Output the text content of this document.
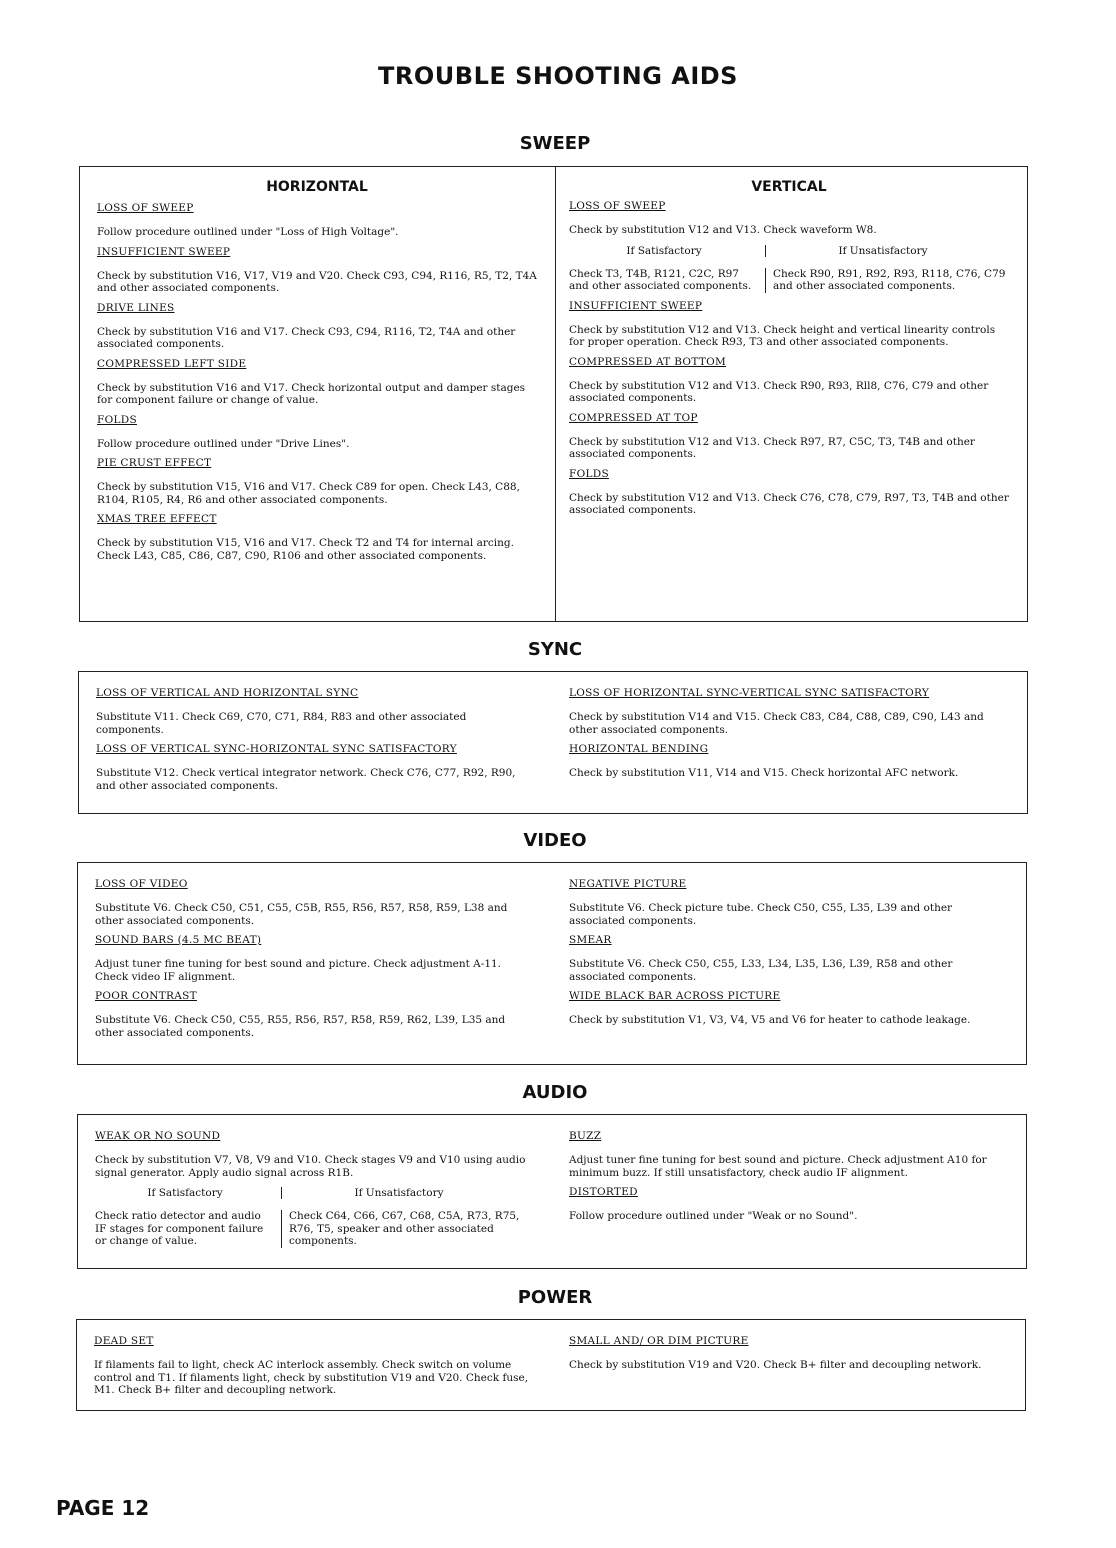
TROUBLE SHOOTING AIDS
SWEEP
HORIZONTAL
LOSS OF SWEEP
Follow procedure outlined under "Loss of High Voltage".
INSUFFICIENT SWEEP
Check by substitution V16, V17, V19 and V20. Check C93, C94, R116, R5, T2, T4A and other associated components.
DRIVE LINES
Check by substitution V16 and V17. Check C93, C94, R116, T2, T4A and other associated components.
COMPRESSED LEFT SIDE
Check by substitution V16 and V17. Check horizontal output and damper stages for component failure or change of value.
FOLDS
Follow procedure outlined under "Drive Lines".
PIE CRUST EFFECT
Check by substitution V15, V16 and V17. Check C89 for open. Check L43, C88, R104, R105, R4, R6 and other associated components.
XMAS TREE EFFECT
Check by substitution V15, V16 and V17. Check T2 and T4 for internal arcing. Check L43, C85, C86, C87, C90, R106 and other associated components.
VERTICAL
LOSS OF SWEEP
Check by substitution V12 and V13. Check waveform W8.
If Satisfactory	If Unsatisfactory
Check T3, T4B, R121, C2C, R97 and other associated components.
Check R90, R91, R92, R93, R118, C76, C79 and other associated components.
INSUFFICIENT SWEEP
Check by substitution V12 and V13. Check height and vertical linearity controls for proper operation. Check R93, T3 and other associated components.
COMPRESSED AT BOTTOM
Check by substitution V12 and V13. Check R90, R93, Rll8, C76, C79 and other associated components.
COMPRESSED AT TOP
Check by substitution V12 and V13. Check R97, R7, C5C, T3, T4B and other associated components.
FOLDS
Check by substitution V12 and V13. Check C76, C78, C79, R97, T3, T4B and other associated components.
SYNC
LOSS OF VERTICAL AND HORIZONTAL SYNC
Substitute V11. Check C69, C70, C71, R84, R83 and other associated components.
LOSS OF VERTICAL SYNC-HORIZONTAL SYNC SATISFACTORY
Substitute V12. Check vertical integrator network. Check C76, C77, R92, R90, and other associated components.
LOSS OF HORIZONTAL SYNC-VERTICAL SYNC SATISFACTORY
Check by substitution V14 and V15. Check C83, C84, C88, C89, C90, L43 and other associated components.
HORIZONTAL BENDING
Check by substitution V11, V14 and V15. Check horizontal AFC network.
VIDEO
LOSS OF VIDEO
Substitute V6. Check C50, C51, C55, C5B, R55, R56, R57, R58, R59, L38 and other associated components.
SOUND BARS (4.5 MC BEAT)
Adjust tuner fine tuning for best sound and picture. Check adjustment A-11. Check video IF alignment.
POOR CONTRAST
Substitute V6. Check C50, C55, R55, R56, R57, R58, R59, R62, L39, L35 and other associated components.
NEGATIVE PICTURE
Substitute V6. Check picture tube. Check C50, C55, L35, L39 and other associated components.
SMEAR
Substitute V6. Check C50, C55, L33, L34, L35, L36, L39, R58 and other associated components.
WIDE BLACK BAR ACROSS PICTURE
Check by substitution V1, V3, V4, V5 and V6 for heater to cathode leakage.
AUDIO
WEAK OR NO SOUND
Check by substitution V7, V8, V9 and V10. Check stages V9 and V10 using audio signal generator. Apply audio signal across R1B.
If Satisfactory	If Unsatisfactory
Check ratio detector and audio IF stages for component failure or change of value.
Check C64, C66, C67, C68, C5A, R73, R75, R76, T5, speaker and other associated components.
BUZZ
Adjust tuner fine tuning for best sound and picture. Check adjustment A10 for minimum buzz. If still unsatisfactory, check audio IF alignment.
DISTORTED
Follow procedure outlined under "Weak or no Sound".
POWER
DEAD SET
If filaments fail to light, check AC interlock assembly. Check switch on volume control and T1. If filaments light, check by substitution V19 and V20. Check fuse, M1. Check B+ filter and decoupling network.
SMALL AND/ OR DIM PICTURE
Check by substitution V19 and V20. Check B+ filter and decoupling network.
PAGE 12
